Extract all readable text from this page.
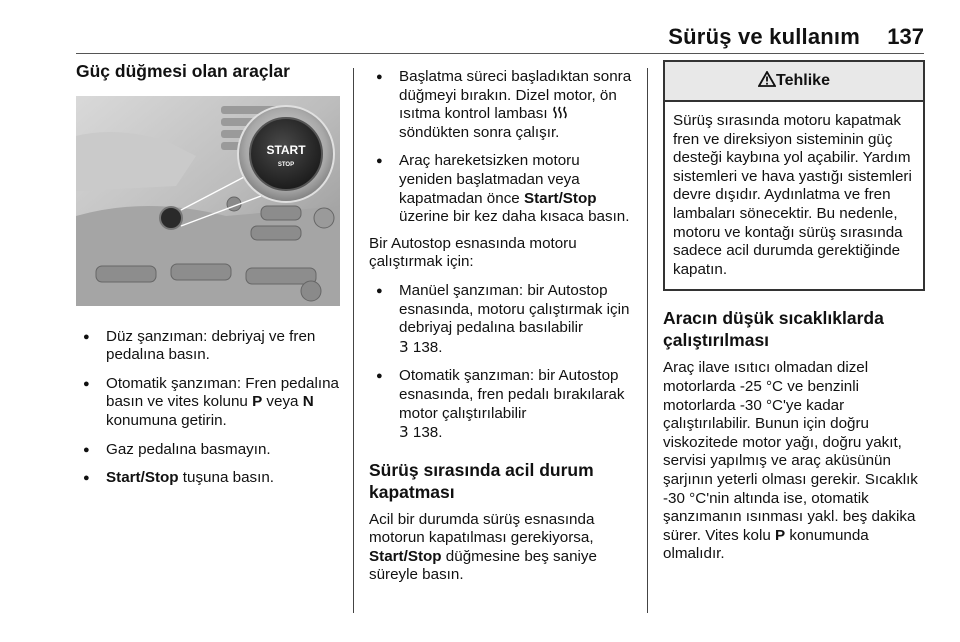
Sürüş ve kullanım 137
Güç düğmesi olan araçlar
START
STOP
● Düz şanzıman: debriyaj ve fren pedalına basın.
● Otomatik şanzıman: Fren pedalına basın ve vites kolunu P veya N konumuna getirin.
● Gaz pedalına basmayın.
● Start/Stop tuşuna basın.
● Başlatma süreci başladıktan sonra düğmeyi bırakın. Dizel motor, ön ısıtma kontrol lambası  söndükten sonra çalışır.
● Araç hareketsizken motoru yeniden başlatmadan veya kapatmadan önce Start/Stop üzerine bir kez daha kısaca basın.

Bir Autostop esnasında motoru çalıştırmak için:

● Manüel şanzıman: bir Autostop esnasında, motoru çalıştırmak için debriyaj pedalına basılabilir
3 138.
● Otomatik şanzıman: bir Autostop esnasında, fren pedalı bırakılarak motor çalıştırılabilir
3 138.
Sürüş sırasında acil durum kapatması

Acil bir durumda sürüş esnasında motorun kapatılması gerekiyorsa, Start/Stop düğmesine beş saniye süreyle basın.

Tehlike
Sürüş sırasında motoru kapatmak fren ve direksiyon sisteminin güç desteği kaybına yol açabilir. Yardım sistemleri ve hava yastığı sistemleri devre dışıdır. Aydınlatma ve fren lambaları sönecektir. Bu nedenle, motoru ve kontağı sürüş sırasında sadece acil durumda gerektiğinde kapatın.
Aracın düşük sıcaklıklarda çalıştırılması

Araç ilave ısıtıcı olmadan dizel motorlarda -25 °C ve benzinli motorlarda -30 °C'ye kadar çalıştırılabilir. Bunun için doğru viskozitede motor yağı, doğru yakıt, servisi yapılmış ve araç aküsünün şarjının yeterli olması gerekir. Sıcaklık -30 °C'nin altında ise, otomatik şanzımanın ısınması yakl. beş dakika sürer. Vites kolu P konumunda olmalıdır.
